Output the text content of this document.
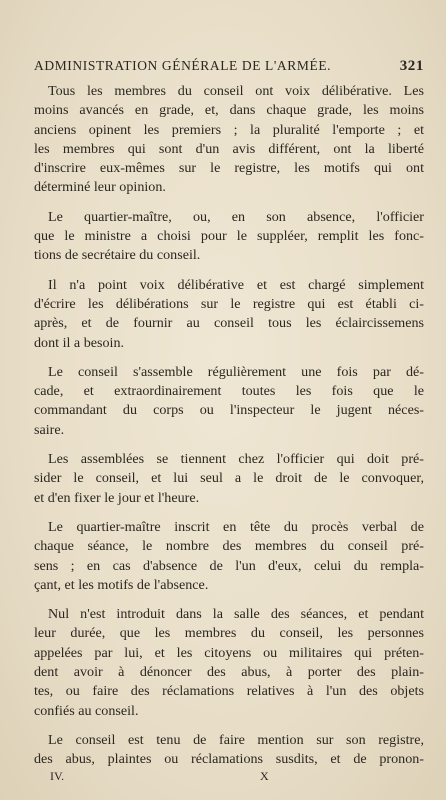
ADMINISTRATION GÉNÉRALE DE L'ARMÉE.	321
Tous les membres du conseil ont voix délibérative. Les
moins avancés en grade, et, dans chaque grade, les moins
anciens opinent les premiers ; la pluralité l'emporte ; et
les membres qui sont d'un avis différent, ont la liberté
d'inscrire eux-mêmes sur le registre, les motifs qui ont
déterminé leur opinion.
Le quartier-maître, ou, en son absence, l'officier
que le ministre a choisi pour le suppléer, remplit les fonc-
tions de secrétaire du conseil.
Il n'a point voix délibérative et est chargé simplement
d'écrire les délibérations sur le registre qui est établi ci-
après, et de fournir au conseil tous les éclaircissemens
dont il a besoin.
Le conseil s'assemble régulièrement une fois par dé-
cade, et extraordinairement toutes les fois que le
commandant du corps ou l'inspecteur le jugent néces-
saire.
Les assemblées se tiennent chez l'officier qui doit pré-
sider le conseil, et lui seul a le droit de le convoquer,
et d'en fixer le jour et l'heure.
Le quartier-maître inscrit en tête du procès verbal de
chaque séance, le nombre des membres du conseil pré-
sens ; en cas d'absence de l'un d'eux, celui du rempla-
çant, et les motifs de l'absence.
Nul n'est introduit dans la salle des séances, et pendant
leur durée, que les membres du conseil, les personnes
appelées par lui, et les citoyens ou militaires qui préten-
dent avoir à dénoncer des abus, à porter des plain-
tes, ou faire des réclamations relatives à l'un des objets
confiés au conseil.
Le conseil est tenu de faire mention sur son registre,
des abus, plaintes ou réclamations susdits, et de pronon-
IV.	X
